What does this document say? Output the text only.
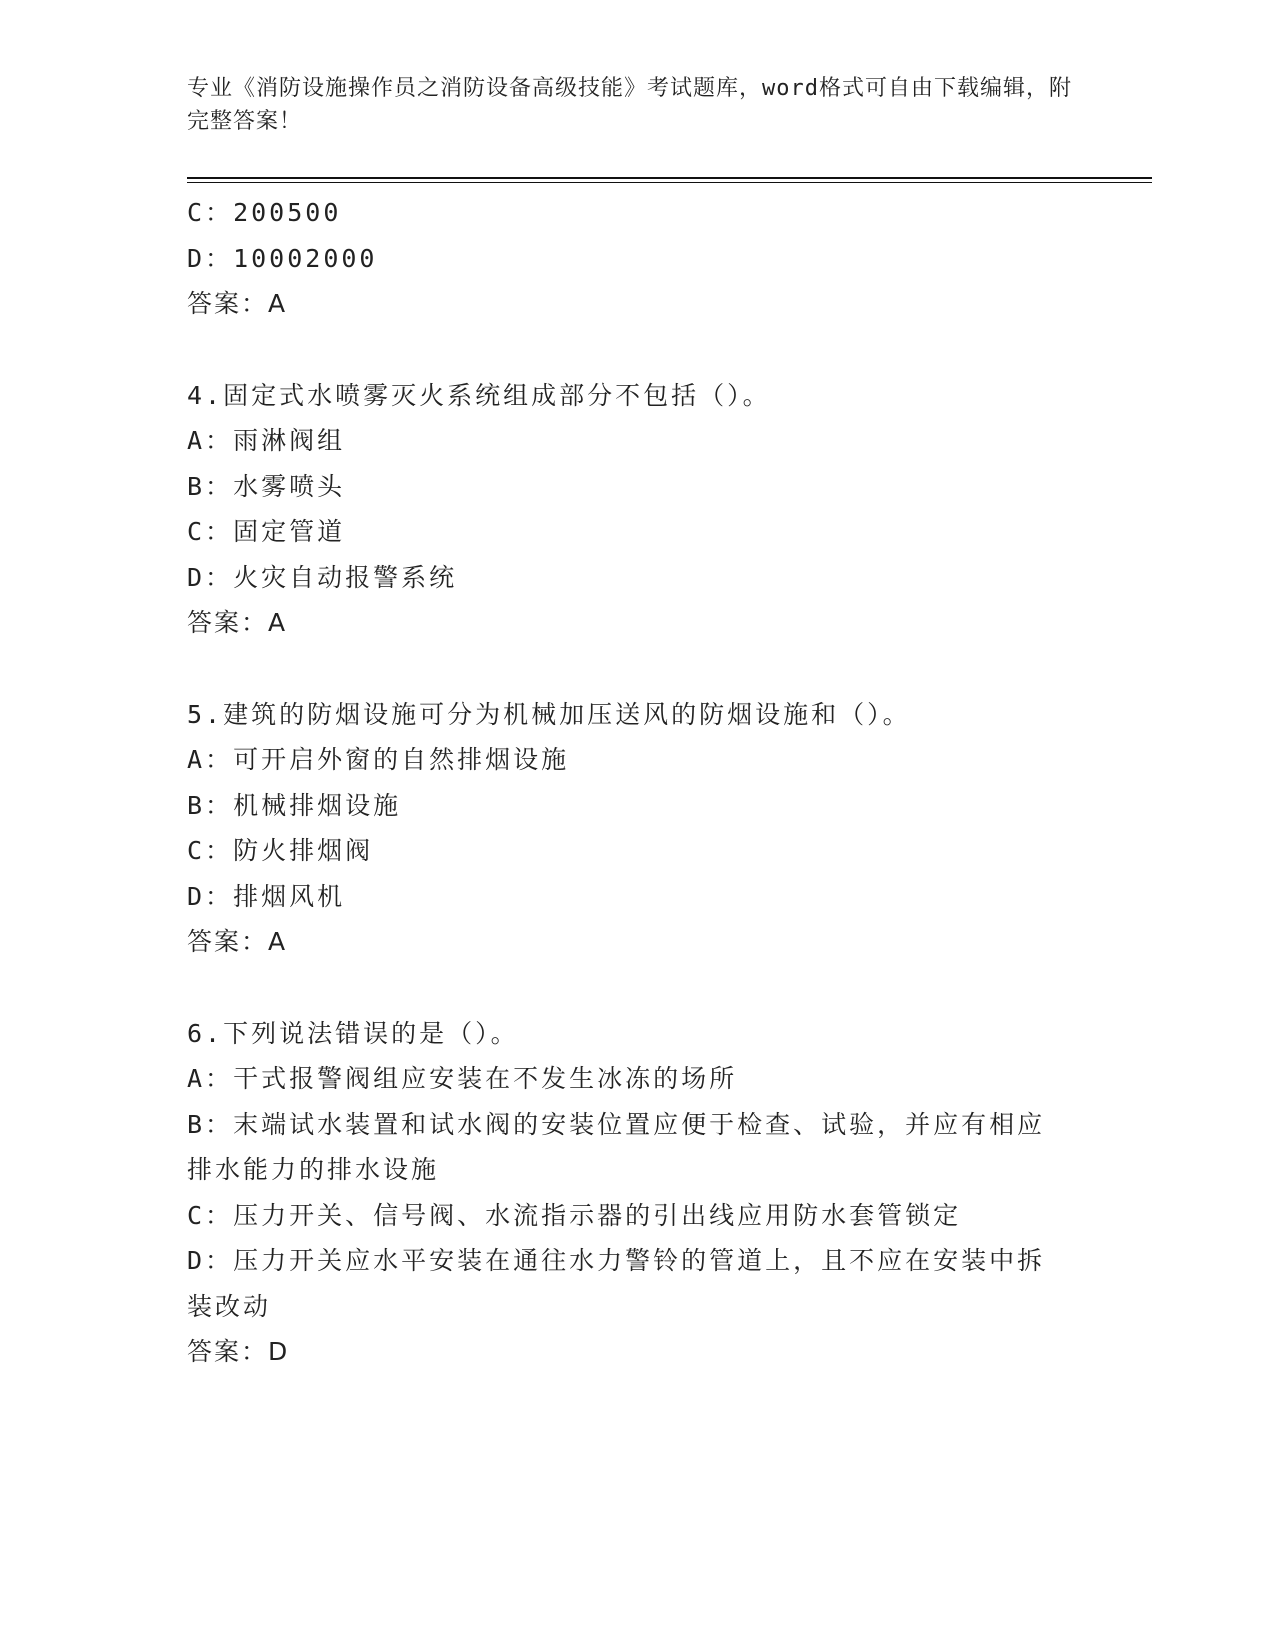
专业《消防设施操作员之消防设备高级技能》考试题库，word格式可自由下载编辑，附完整答案！
C：200500
D：10002000
答案：A
4.固定式水喷雾灭火系统组成部分不包括（）。
A：雨淋阀组
B：水雾喷头
C：固定管道
D：火灾自动报警系统
答案：A
5.建筑的防烟设施可分为机械加压送风的防烟设施和（）。
A：可开启外窗的自然排烟设施
B：机械排烟设施
C：防火排烟阀
D：排烟风机
答案：A
6.下列说法错误的是（）。
A：干式报警阀组应安装在不发生冰冻的场所
B：末端试水装置和试水阀的安装位置应便于检查、试验，并应有相应排水能力的排水设施
C：压力开关、信号阀、水流指示器的引出线应用防水套管锁定
D：压力开关应水平安装在通往水力警铃的管道上，且不应在安装中拆装改动
答案：D
